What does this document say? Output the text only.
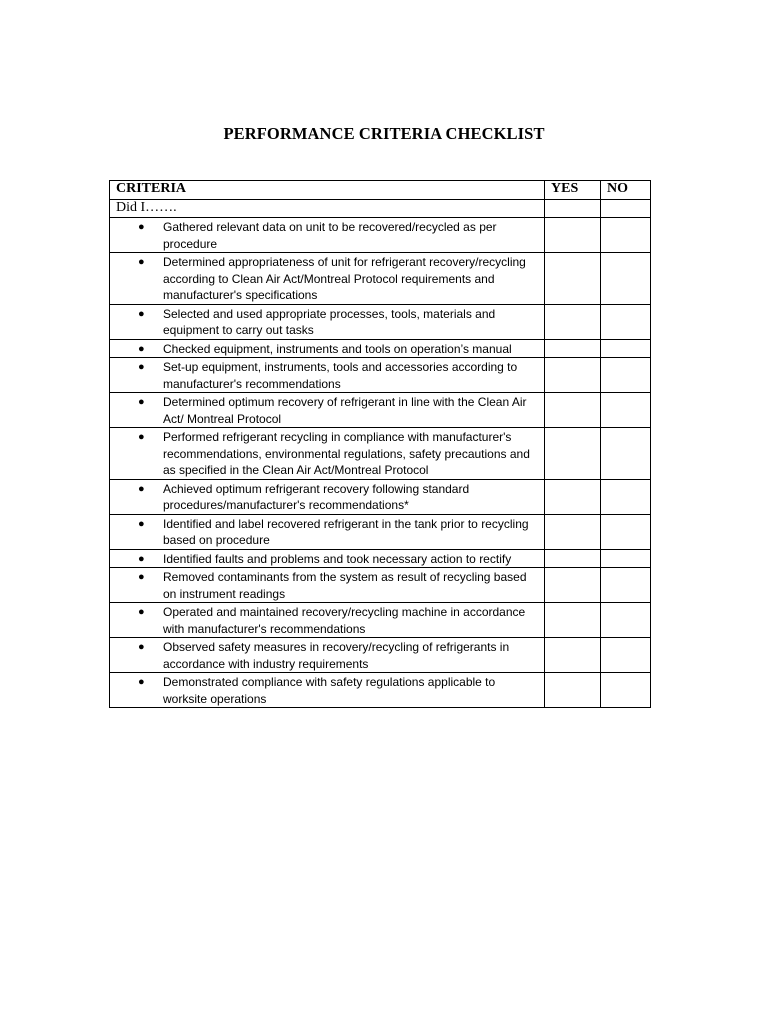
PERFORMANCE CRITERIA CHECKLIST
CRITERIA	YES	NO

Did I…….		

● Gathered relevant data on unit to be recovered/recycled as per procedure		

● Determined appropriateness of unit for refrigerant recovery/recycling according to Clean Air Act/Montreal Protocol requirements and manufacturer's specifications		

● Selected and used appropriate processes, tools, materials and equipment to carry out tasks		

● Checked equipment, instruments and tools on operation’s manual		

● Set-up equipment, instruments, tools and accessories according to manufacturer's recommendations		

● Determined optimum recovery of refrigerant in line with the Clean Air Act/ Montreal Protocol		

● Performed refrigerant recycling in compliance with manufacturer's recommendations, environmental regulations, safety precautions and as specified in the Clean Air Act/Montreal Protocol		

● Achieved optimum refrigerant recovery following standard procedures/manufacturer's recommendations*		

● Identified and label recovered refrigerant in the tank prior to recycling based on procedure		

● Identified faults and problems and took necessary action to rectify		

● Removed contaminants from the system as result of recycling based on instrument readings		

● Operated and maintained recovery/recycling machine in accordance with manufacturer's recommendations		

● Observed safety measures in recovery/recycling of refrigerants in accordance with industry requirements		

● Demonstrated compliance with safety regulations applicable to worksite operations		
